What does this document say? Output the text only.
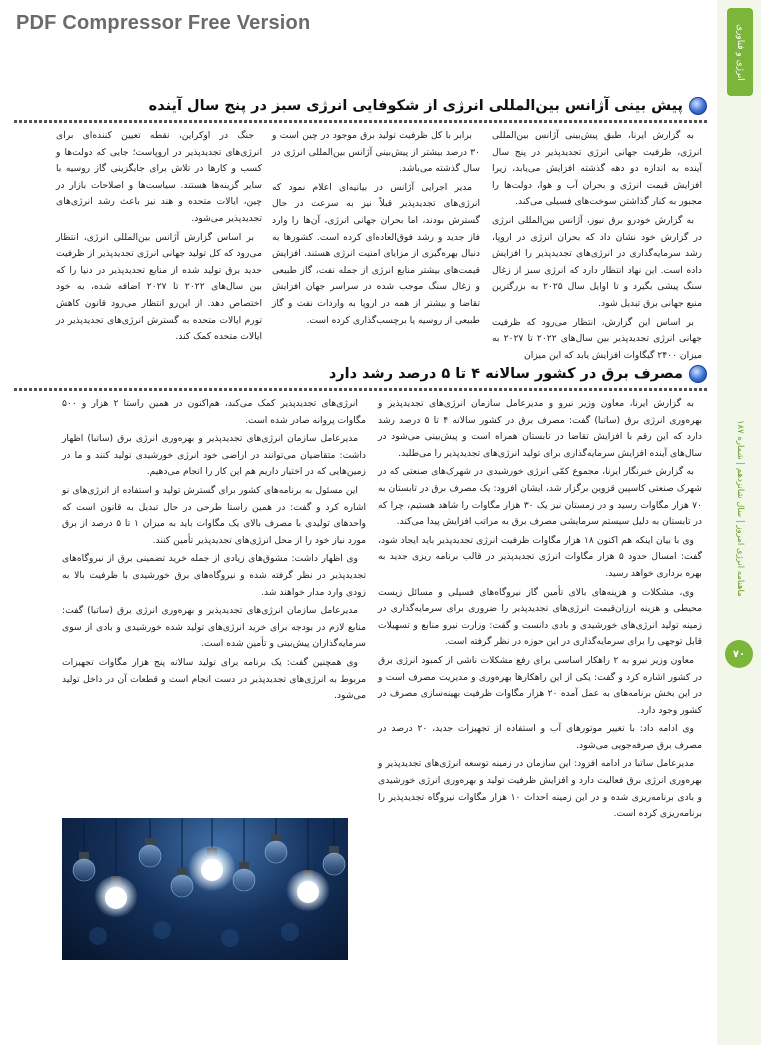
PDF Compressor Free Version
انرژی و فناوری
ماهنامه انرژی امروز | سال شانزدهم | شماره ۱۸۷
۷۰
پیش بینی آژانس بین‌المللی انرژی از شکوفایی انرژی سبز در پنج سال آینده

به گزارش ایرنا، طبق پیش‌بینی آژانس بین‌المللی انرژی، ظرفیت جهانی انرژی تجدیدپذیر در پنج سال آینده به اندازه دو دهه گذشته افزایش می‌یابد، زیرا افزایش قیمت انرژی و بحران آب و هوا، دولت‌ها را مجبور به کنار گذاشتن سوخت‌های فسیلی می‌کند.

به گزارش خودرو برق نیوز، آژانس بین‌المللی انرژی در گزارش خود نشان داد که بحران انرژی در اروپا، رشد سرمایه‌گذاری در انرژی‌های تجدیدپذیر را افزایش داده است. این نهاد انتظار دارد که انرژی سبز از زغال سنگ پیشی بگیرد و تا اوایل سال ۲۰۲۵ به بزرگترین منبع جهانی برق تبدیل شود.

بر اساس این گزارش، انتظار می‌رود که ظرفیت جهانی انرژی تجدیدپذیر بین سال‌های ۲۰۲۲ تا ۲۰۲۷ به میزان ۲۴۰۰ گیگاوات افزایش یابد که این میزان

برابر با کل ظرفیت تولید برق موجود در چین است و ۳۰ درصد بیشتر از پیش‌بینی آژانس بین‌المللی انرژی در سال گذشته می‌باشد.

مدیر اجرایی آژانس در بیانیه‌ای اعلام نمود که انرژی‌های تجدیدپذیر قبلاً نیز به سرعت در حال گسترش بودند، اما بحران جهانی انرژی، آن‌ها را وارد فاز جدید و رشد فوق‌العاده‌ای کرده است. کشورها به دنبال بهره‌گیری از مزایای امنیت انرژی هستند. افزایش قیمت‌های بیشتر منابع انرژی از جمله نفت، گاز طبیعی و زغال سنگ موجب شده در سراسر جهان افزایش تقاضا و بیشتر از همه در اروپا به واردات نفت و گاز طبیعی از روسیه یا برچسب‌گذاری کرده است.

جنگ در اوکراین، نقطه تعیین کننده‌ای برای انرژی‌های تجدیدپذیر در اروپاست؛ جایی که دولت‌ها و کسب و کارها در تلاش برای جایگزینی گاز روسیه با سایر گزینه‌ها هستند. سیاست‌ها و اصلاحات بازار در چین، ایالات متحده و هند نیز باعث رشد انرژی‌های تجدیدپذیر می‌شود.

بر اساس گزارش آژانس بین‌المللی انرژی، انتظار می‌رود که کل تولید جهانی انرژی تجدیدپذیر از ظرفیت جدید برق تولید شده از منابع تجدیدپذیر در دنیا را که بین سال‌های ۲۰۲۲ تا ۲۰۲۷ اضافه شده، به خود اختصاص دهد. از این‌رو انتظار می‌رود قانون کاهش تورم ایالات متحده به گسترش انرژی‌های تجدیدپذیر در ایالات متحده کمک کند.

مصرف برق در کشور سالانه ۴ تا ۵ درصد رشد دارد

به گزارش ایرنا، معاون وزیر نیرو و مدیرعامل سازمان انرژی‌های تجدیدپذیر و بهره‌وری انرژی برق (ساتبا) گفت: مصرف برق در کشور سالانه ۴ تا ۵ درصد رشد دارد که این رقم با افزایش تقاضا در تابستان همراه است و پیش‌بینی می‌شود در سال‌های آینده افزایش سرمایه‌گذاری برای تولید انرژی‌های تجدیدپذیر را می‌طلبد.

به گزارش خبرنگار ایرنا، مجموع کمّی انرژی خورشیدی در شهرک‌های صنعتی که در شهرک صنعتی کاسپین قزوین برگزار شد، ایشان افزود: یک مصرف برق در تابستان به ۷۰ هزار مگاوات رسید و در زمستان نیز یک ۳۰ هزار مگاوات را شاهد هستیم، چرا که در تابستان به دلیل سیستم سرمایشی مصرف برق به مراتب افزایش پیدا می‌کند.

وی با بیان اینکه هم اکنون ۱۸ هزار مگاوات ظرفیت انرژی تجدیدپذیر باید ایجاد شود، گفت: امسال حدود ۵ هزار مگاوات انرژی تجدیدپذیر در قالب برنامه ریزی جدید به بهره برداری خواهد رسید.

وی، مشکلات و هزینه‌های بالای تأمین گاز نیروگاه‌های فسیلی و مسائل زیست محیطی و هزینه ارزان‌قیمت انرژی‌های تجدیدپذیر را ضروری برای سرمایه‌گذاری در زمینه تولید انرژی‌های خورشیدی و بادی دانست و گفت: وزارت نیرو منابع و تسهیلات قابل توجهی را برای سرمایه‌گذاری در این حوزه در نظر گرفته است.

معاون وزیر نیرو به ۲ راهکار اساسی برای رفع مشکلات ناشی از کمبود انرژی برق در کشور اشاره کرد و گفت: یکی از این راهکارها بهره‌وری و مدیریت مصرف است و در این بخش برنامه‌های به عمل آمده ۲۰ هزار مگاوات ظرفیت بهینه‌سازی مصرف در کشور وجود دارد.

وی ادامه داد: با تغییر موتورهای آب و استفاده از تجهیزات جدید، ۲۰ درصد در مصرف برق صرفه‌جویی می‌شود.

مدیرعامل ساتبا در ادامه افزود: این سازمان در زمینه توسعه انرژی‌های تجدیدپذیر و بهره‌وری انرژی برق فعالیت دارد و افزایش ظرفیت تولید و بهره‌وری انرژی خورشیدی و بادی برنامه‌ریزی شده و در این زمینه احداث ۱۰ هزار مگاوات نیروگاه تجدیدپذیر را برنامه‌ریزی کرده است.

انرژی‌های تجدیدپذیر کمک می‌کند، هم‌اکنون در همین راستا ۲ هزار و ۵۰۰ مگاوات پروانه صادر شده است.

مدیرعامل سازمان انرژی‌های تجدیدپذیر و بهره‌وری انرژی برق (ساتبا) اظهار داشت: متقاضیان می‌توانند در اراضی خود انرژی خورشیدی تولید کنند و ما در زمین‌هایی که در اختیار داریم هم این کار را انجام می‌دهیم.

این مسئول به برنامه‌های کشور برای گسترش تولید و استفاده از انرژی‌های نو اشاره کرد و گفت: در همین راستا طرحی در حال تبدیل به قانون است که واحدهای تولیدی با مصرف بالای یک مگاوات باید به میزان ۱ تا ۵ درصد از برق مورد نیاز خود را از محل انرژی‌های تجدیدپذیر تأمین کنند.

وی اظهار داشت: مشوق‌های زیادی از جمله خرید تضمینی برق از نیروگاه‌های تجدیدپذیر در نظر گرفته شده و نیروگاه‌های برق خورشیدی با ظرفیت بالا به زودی وارد مدار خواهند شد.

مدیرعامل سازمان انرژی‌های تجدیدپذیر و بهره‌وری انرژی برق (ساتبا) گفت: منابع لازم در بودجه برای خرید انرژی‌های تولید شده خورشیدی و بادی از سوی سرمایه‌گذاران پیش‌بینی و تأمین شده است.

وی همچنین گفت: یک برنامه برای تولید سالانه پنج هزار مگاوات تجهیزات مربوط به انرژی‌های تجدیدپذیر در دست انجام است و قطعات آن در داخل تولید می‌شود.
